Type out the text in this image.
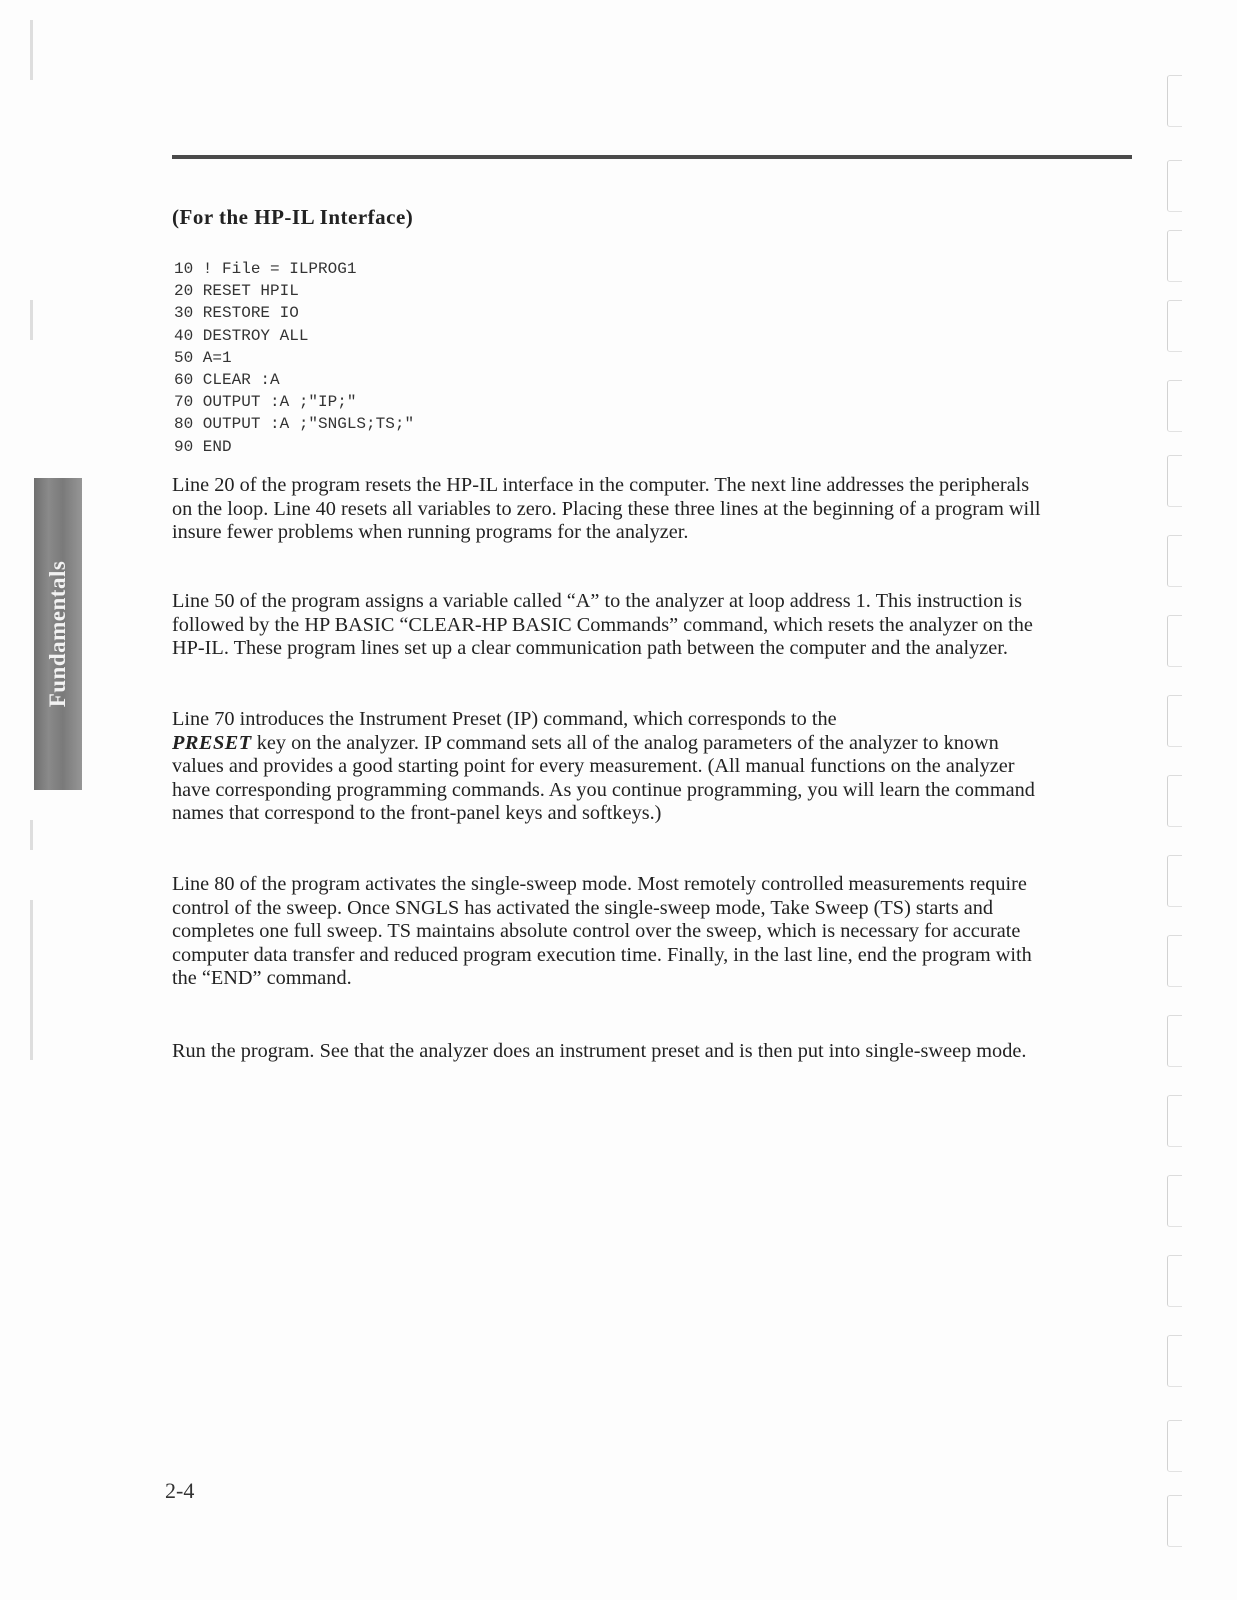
(For the HP-IL Interface)
10 ! File = ILPROG1
20 RESET HPIL
30 RESTORE IO
40 DESTROY ALL
50 A=1
60 CLEAR :A
70 OUTPUT :A ;"IP;"
80 OUTPUT :A ;"SNGLS;TS;"
90 END

Line 20 of the program resets the HP-IL interface in the computer. The next line addresses the peripherals on the loop. Line 40 resets all variables to zero. Placing these three lines at the beginning of a program will insure fewer problems when running programs for the analyzer.

Line 50 of the program assigns a variable called “A” to the analyzer at loop address 1. This instruction is followed by the HP BASIC “CLEAR-HP BASIC Commands” command, which resets the analyzer on the HP-IL. These program lines set up a clear communication path between the computer and the analyzer.

Line 70 introduces the Instrument Preset (IP) command, which corresponds to the
PRESET key on the analyzer. IP command sets all of the analog parameters of the analyzer to known values and provides a good starting point for every measurement. (All manual functions on the analyzer have corresponding programming commands. As you continue programming, you will learn the command names that correspond to the front-panel keys and softkeys.)

Line 80 of the program activates the single-sweep mode. Most remotely controlled measurements require control of the sweep. Once SNGLS has activated the single-sweep mode, Take Sweep (TS) starts and completes one full sweep. TS maintains absolute control over the sweep, which is necessary for accurate computer data transfer and reduced program execution time. Finally, in the last line, end the program with the “END” command.

Run the program. See that the analyzer does an instrument preset and is then put into single-sweep mode.

Fundamentals

2-4
